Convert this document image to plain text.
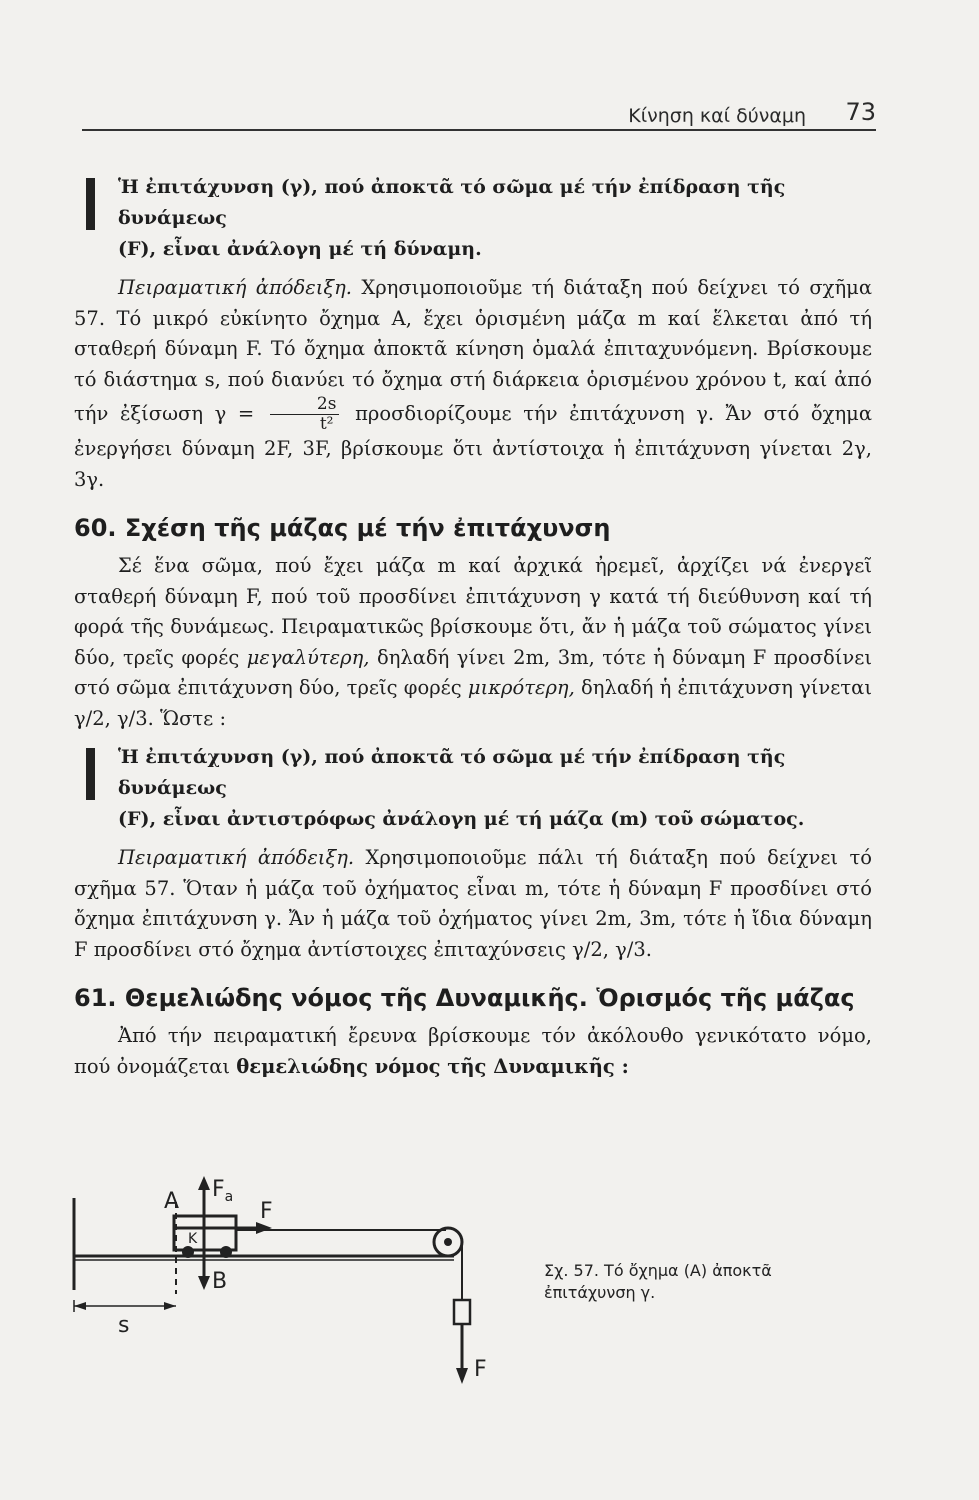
Κίνηση καί δύναμη 73
Ἡ ἐπιτάχυνση (γ), πού ἀποκτᾶ τό σῶμα μέ τήν ἐπίδραση τῆς δυνάμεως
(F), εἶναι ἀνάλογη μέ τή δύναμη.

Πειραματική ἀπόδειξη. Χρησιμοποιοῦμε τή διάταξη πού δείχνει τό σχῆμα 57. Τό μικρό εὐκίνητο ὄχημα Α, ἔχει ὁρισμένη μάζα m καί ἕλκεται ἀπό τή σταθερή δύναμη F. Τό ὄχημα ἀποκτᾶ κίνηση ὁμαλά ἐπιταχυνόμενη. Βρίσκουμε τό διάστημα s, πού διανύει τό ὄχημα στή διάρκεια ὁρισμένου χρόνου t, καί ἀπό τήν ἐξίσωση $\gamma = \frac{2s}{\text{t²}}$ προσδιορίζουμε τήν ἐπιτάχυνση γ. Ἄν στό ὄχημα ἐνεργήσει δύναμη 2F, 3F, βρίσκουμε ὅτι ἀντίστοιχα ἡ ἐπιτάχυνση γίνεται 2γ, 3γ.

60. Σχέση τῆς μάζας μέ τήν ἐπιτάχυνση

Σέ ἕνα σῶμα, πού ἔχει μάζα m καί ἀρχικά ἠρεμεῖ, ἀρχίζει νά ἐνεργεῖ σταθερή δύναμη F, πού τοῦ προσδίνει ἐπιτάχυνση γ κατά τή διεύθυνση καί τή φορά τῆς δυνάμεως. Πειραματικῶς βρίσκουμε ὅτι, ἄν ἡ μάζα τοῦ σώματος γίνει δύο, τρεῖς φορές μεγαλύτερη, δηλαδή γίνει 2m, 3m, τότε ἡ δύναμη F προσδίνει στό σῶμα ἐπιτάχυνση δύο, τρεῖς φορές μικρότερη, δηλαδή ἡ ἐπιτάχυνση γίνεται γ/2, γ/3. Ὥστε :

Ἡ ἐπιτάχυνση (γ), πού ἀποκτᾶ τό σῶμα μέ τήν ἐπίδραση τῆς δυνάμεως
(F), εἶναι ἀντιστρόφως ἀνάλογη μέ τή μάζα (m) τοῦ σώματος.

Πειραματική ἀπόδειξη. Χρησιμοποιοῦμε πάλι τή διάταξη πού δείχνει τό σχῆμα 57. Ὅταν ἡ μάζα τοῦ ὀχήματος εἶναι m, τότε ἡ δύναμη F προσδίνει στό ὄχημα ἐπιτάχυνση γ. Ἄν ἡ μάζα τοῦ ὀχήματος γίνει 2m, 3m, τότε ἡ ἴδια δύναμη F προσδίνει στό ὄχημα ἀντίστοιχες ἐπιταχύνσεις γ/2, γ/3.

61. Θεμελιώδης νόμος τῆς Δυναμικῆς. Ὁρισμός τῆς μάζας

Ἀπό τήν πειραματική ἔρευνα βρίσκουμε τόν ἀκόλουθο γενικότατο νόμο, πού ὀνομάζεται θεμελιώδης νόμος τῆς Δυναμικῆς :

A $F_a$
F
K
B
s
F
Σχ. 57. Τό ὄχημα (Α) ἀποκτᾶ
ἐπιτάχυνση γ.
